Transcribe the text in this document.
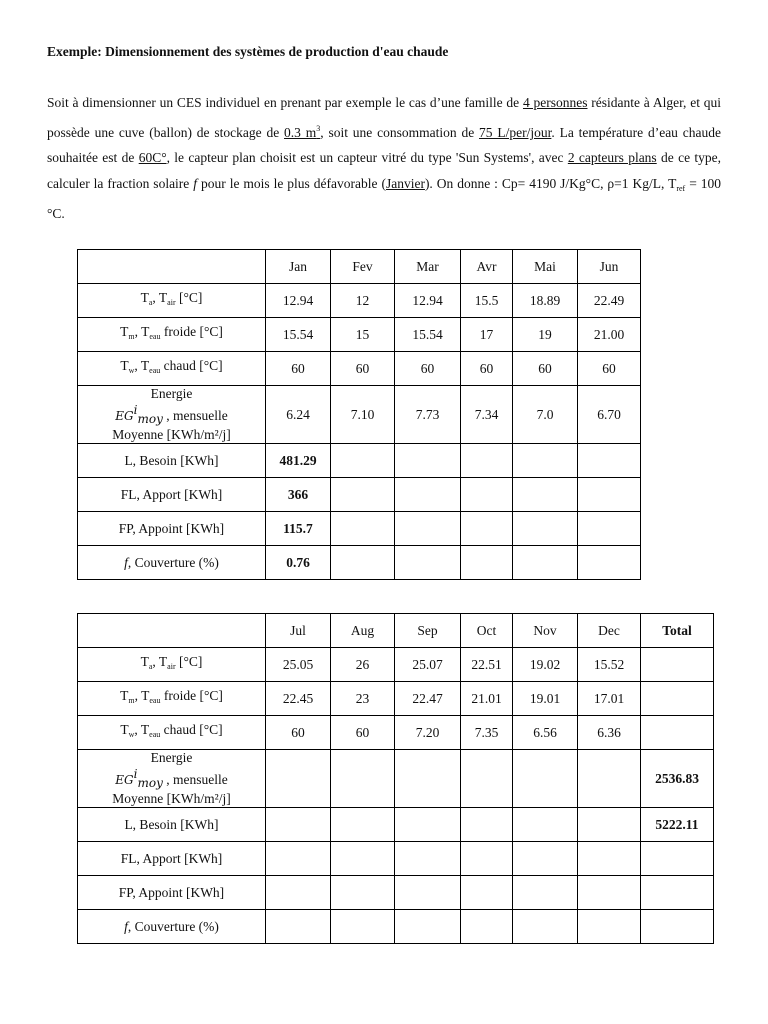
Exemple: Dimensionnement des systèmes de production d'eau chaude
Soit à dimensionner un CES individuel en prenant par exemple le cas d’une famille de 4 personnes résidante à Alger, et qui possède une cuve (ballon) de stockage de 0.3 $m^3$, soit une consommation de 75 L/per/jour. La température d’eau chaude souhaitée est de 60C°, le capteur plan choisit est un capteur vitré du type 'Sun Systems', avec 2 capteurs plans de ce type, calculer la fraction solaire f pour le mois le plus défavorable (Janvier). On donne : Cp= 4190 J/Kg°C, ρ=1 Kg/L, $T_{ref} = 100$ °C.
	Jan	Fev	Mar	Avr	Mai	Jun
$T_a$, $T_{air}$ [°C]	12.94	12	12.94	15.5	18.89	22.49
$T_m$, $T_{eau}$ froide [°C]	15.54	15	15.54	17	19	21.00
$T_w$, $T_{eau}$ chaud [°C]	60	60	60	60	60	60
Energie
EGimoy , mensuelle
Moyenne [KWh/m²/j]	6.24	7.10	7.73	7.34	7.0	6.70
L, Besoin [KWh]	481.29					
FL, Apport [KWh]	366					
FP, Appoint [KWh]	115.7					
f, Couverture (%)	0.76					
	Jul	Aug	Sep	Oct	Nov	Dec	Total
$T_a$, $T_{air}$ [°C]	25.05	26	25.07	22.51	19.02	15.52	
$T_m$, $T_{eau}$ froide [°C]	22.45	23	22.47	21.01	19.01	17.01	
$T_w$, $T_{eau}$ chaud [°C]	60	60	7.20	7.35	6.56	6.36	
Energie
EGimoy , mensuelle
Moyenne [KWh/m²/j]							2536.83
L, Besoin [KWh]							5222.11
FL, Apport [KWh]							
FP, Appoint [KWh]							
f, Couverture (%)							
